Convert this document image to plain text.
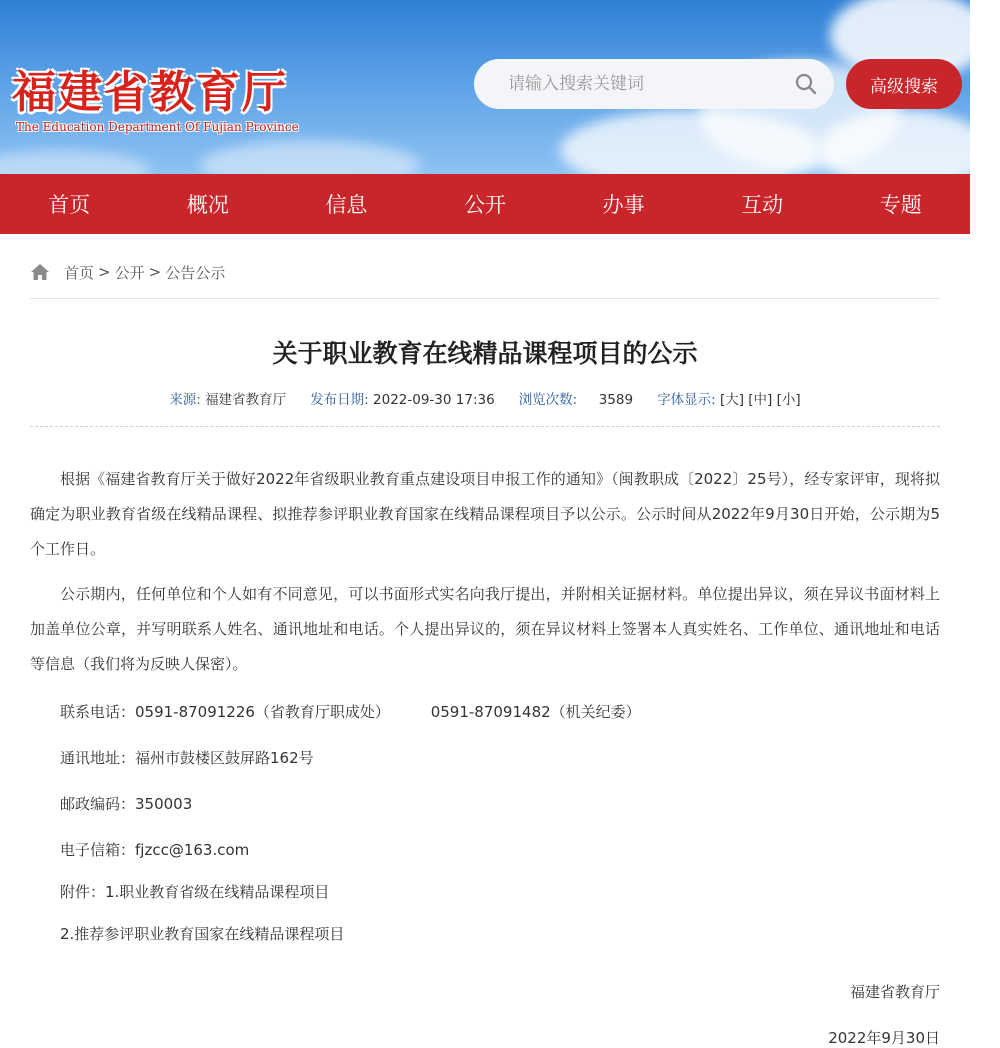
福建省教育厅
The Education Department Of Fujian Province
请输入搜索关键词
高级搜索
首页	概况	信息	公开	办事	互动	专题
首页 > 公开 > 公告公示
关于职业教育在线精品课程项目的公示
来源: 福建省教育厅 发布日期: 2022-09-30 17:36 浏览次数: 3589 字体显示: [大] [中] [小]

根据《福建省教育厅关于做好2022年省级职业教育重点建设项目申报工作的通知》（闽教职成〔2022〕25号），经专家评审，现将拟确定为职业教育省级在线精品课程、拟推荐参评职业教育国家在线精品课程项目予以公示。公示时间从2022年9月30日开始，公示期为5个工作日。

公示期内，任何单位和个人如有不同意见，可以书面形式实名向我厅提出，并附相关证据材料。单位提出异议，须在异议书面材料上加盖单位公章，并写明联系人姓名、通讯地址和电话。个人提出异议的，须在异议材料上签署本人真实姓名、工作单位、通讯地址和电话等信息（我们将为反映人保密）。

联系电话：0591-87091226（省教育厅职成处）	0591-87091482（机关纪委）
通讯地址：福州市鼓楼区鼓屏路162号
邮政编码：350003
电子信箱：fjzcc@163.com
附件：1.职业教育省级在线精品课程项目
2.推荐参评职业教育国家在线精品课程项目
福建省教育厅
2022年9月30日
